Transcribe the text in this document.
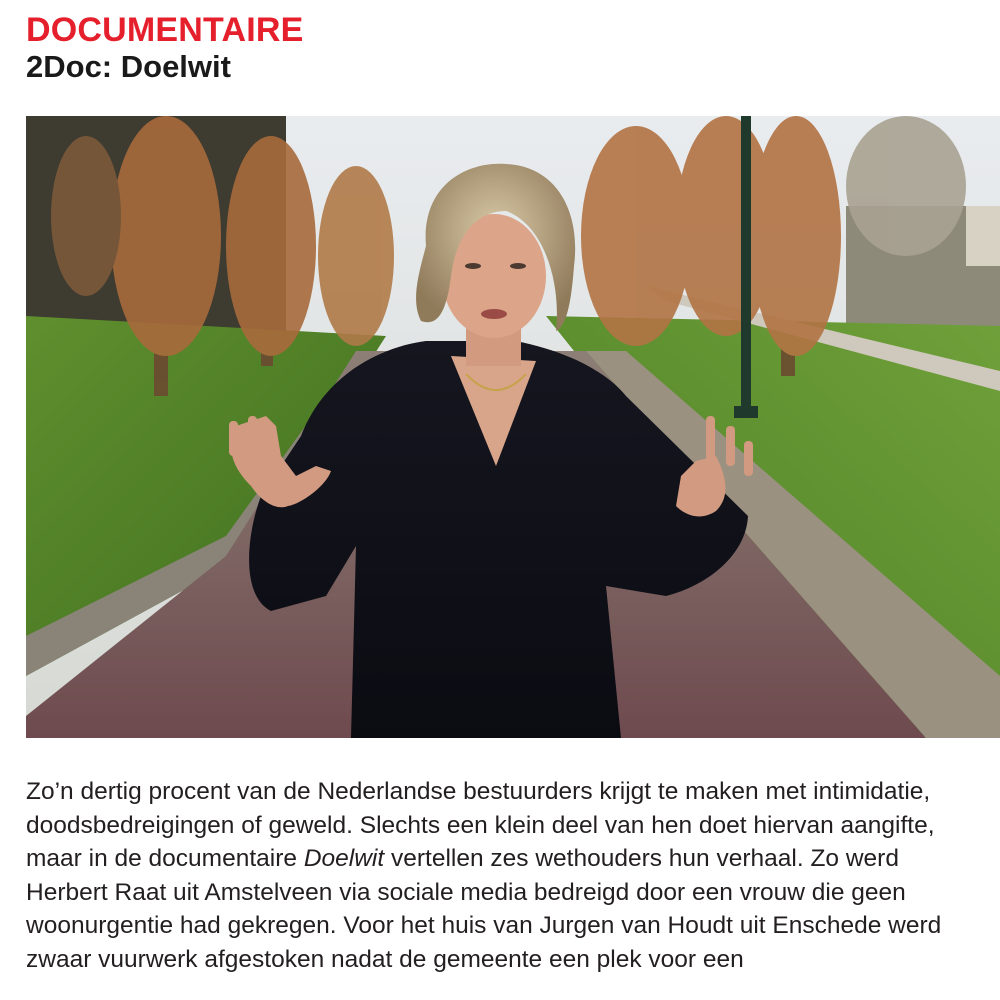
DOCUMENTAIRE
2Doc: Doelwit

Zo’n dertig procent van de Nederlandse bestuurders krijgt te maken met intimidatie, doodsbedreigingen of geweld. Slechts een klein deel van hen doet hiervan aangifte, maar in de documentaire Doelwit vertellen zes wethouders hun verhaal. Zo werd Herbert Raat uit Amstelveen via sociale media bedreigd door een vrouw die geen woonurgentie had gekregen. Voor het huis van Jurgen van Houdt uit Enschede werd zwaar vuurwerk afgestoken nadat de gemeente een plek voor een
